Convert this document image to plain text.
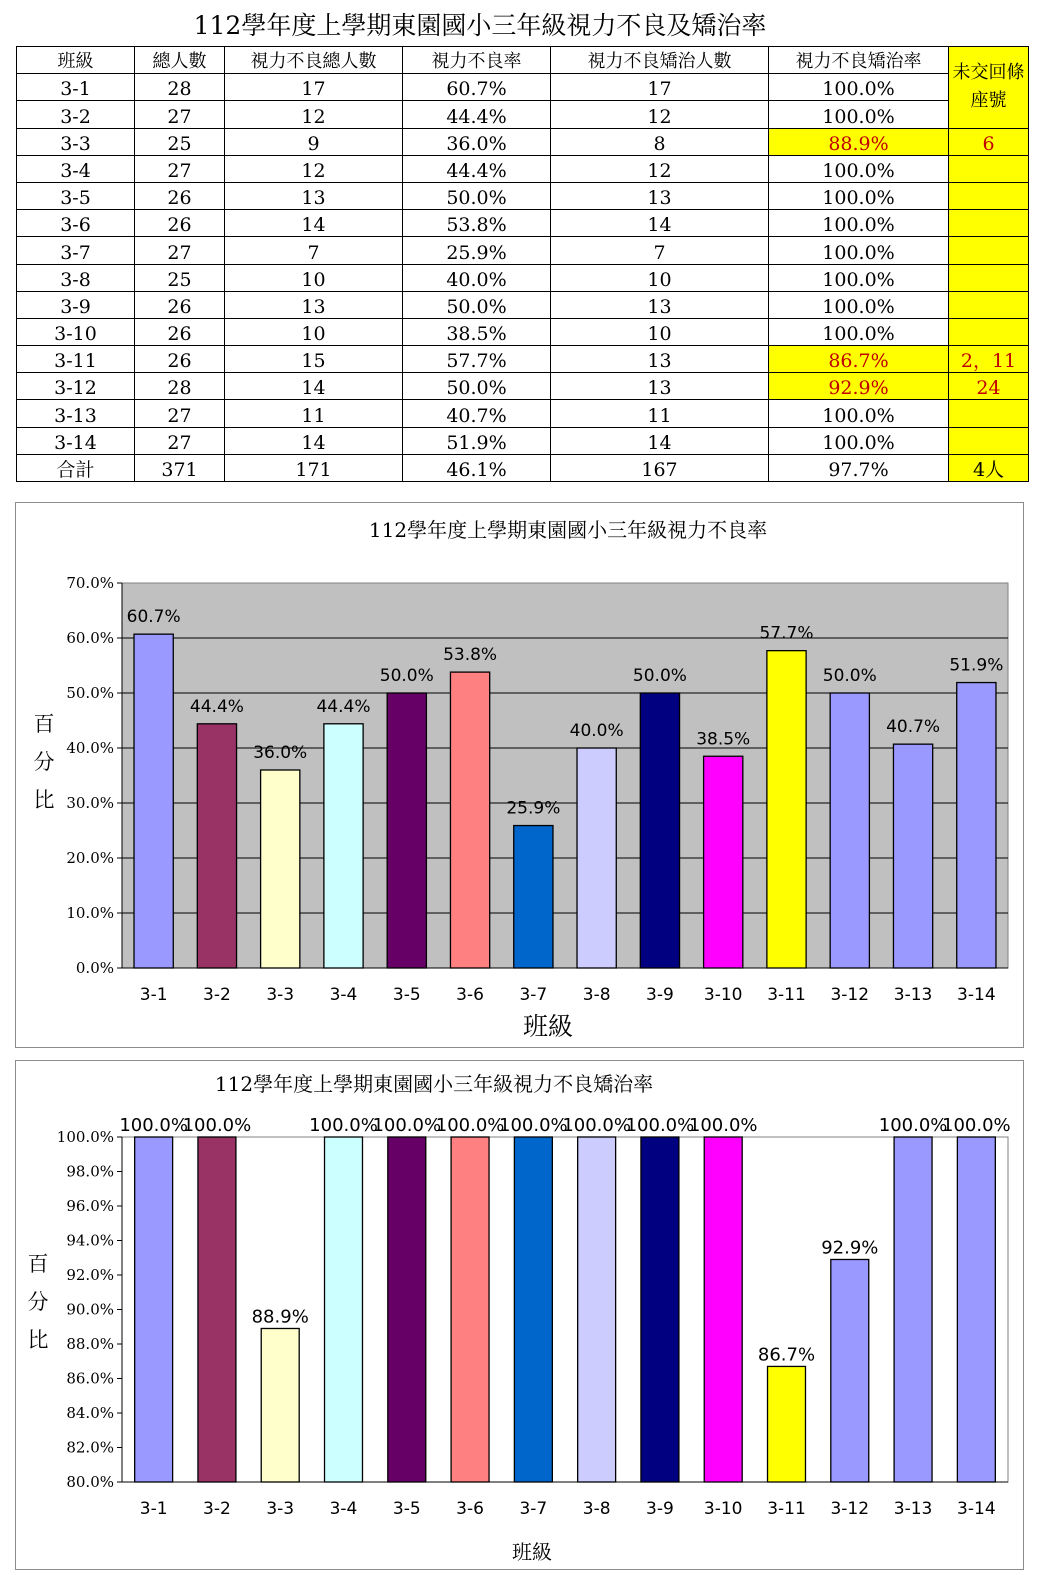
112學年度上學期東園國小三年級視力不良及矯治率
班級	總人數	視力不良總人數	視力不良率	視力不良矯治人數	視力不良矯治率	未交回條座號
3-1	28	17	60.7%	17	100.0%	
3-2	27	12	44.4%	12	100.0%	
3-3	25	9	36.0%	8	88.9%	6
3-4	27	12	44.4%	12	100.0%	
3-5	26	13	50.0%	13	100.0%	
3-6	26	14	53.8%	14	100.0%	
3-7	27	7	25.9%	7	100.0%	
3-8	25	10	40.0%	10	100.0%	
3-9	26	13	50.0%	13	100.0%	
3-10	26	10	38.5%	10	100.0%	
3-11	26	15	57.7%	13	86.7%	2，11
3-12	28	14	50.0%	13	92.9%	24
3-13	27	11	40.7%	11	100.0%	
3-14	27	14	51.9%	14	100.0%	
合計	371	171	46.1%	167	97.7%	4人
0.0%
10.0%
20.0%
30.0%
40.0%
50.0%
60.0%
70.0%
60.7%
3-1
44.4%
3-2
36.0%
3-3
44.4%
3-4
50.0%
3-5
53.8%
3-6
25.9%
3-7
40.0%
3-8
50.0%
3-9
38.5%
3-10
57.7%
3-11
50.0%
3-12
40.7%
3-13
51.9%
3-14
112學年度上學期東園國小三年級視力不良率
班級
百分比
80.0%
82.0%
84.0%
86.0%
88.0%
90.0%
92.0%
94.0%
96.0%
98.0%
100.0%
100.0%
3-1
100.0%
3-2
88.9%
3-3
100.0%
3-4
100.0%
3-5
100.0%
3-6
100.0%
3-7
100.0%
3-8
100.0%
3-9
100.0%
3-10
86.7%
3-11
92.9%
3-12
100.0%
3-13
100.0%
3-14
112學年度上學期東園國小三年級視力不良矯治率
班級
百分比
